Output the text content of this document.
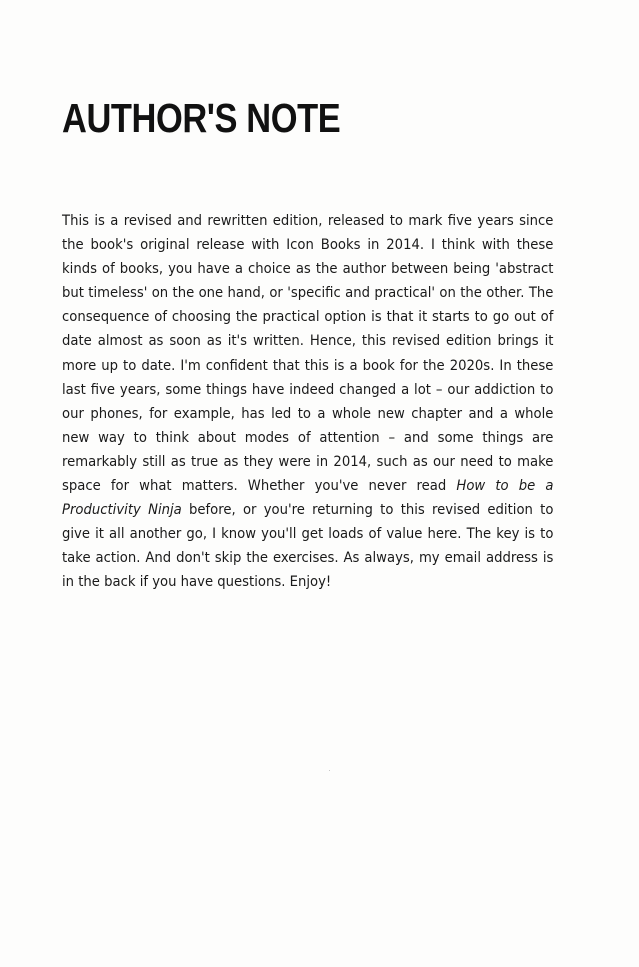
AUTHOR'S NOTE

This is a revised and rewritten edition, released to mark five years since the book's original release with Icon Books in 2014. I think with these kinds of books, you have a choice as the author between being 'abstract but timeless' on the one hand, or 'specific and practical' on the other. The consequence of choosing the practical option is that it starts to go out of date almost as soon as it's written. Hence, this revised edition brings it more up to date. I'm confident that this is a book for the 2020s. In these last five years, some things have indeed changed a lot – our addiction to our phones, for example, has led to a whole new chapter and a whole new way to think about modes of attention – and some things are remarkably still as true as they were in 2014, such as our need to make space for what matters. Whether you've never read How to be a Productivity Ninja before, or you're returning to this revised edition to give it all another go, I know you'll get loads of value here. The key is to take action. And don't skip the exercises. As always, my email address is in the back if you have questions. Enjoy!
